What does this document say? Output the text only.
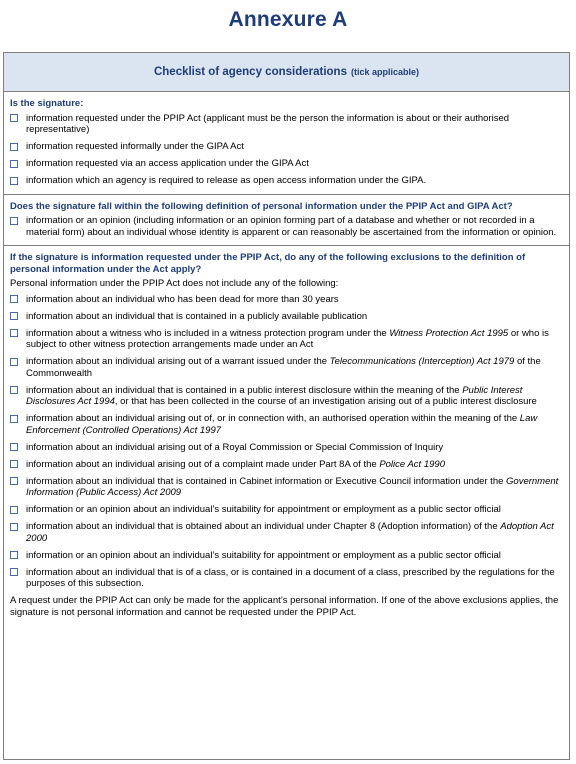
Annexure A
Checklist of agency considerations (tick applicable)
Is the signature:
information requested under the PPIP Act (applicant must be the person the information is about or their authorised representative)
information requested informally under the GIPA Act
information requested via an access application under the GIPA Act
information which an agency is required to release as open access information under the GIPA.
Does the signature fall within the following definition of personal information under the PPIP Act and GIPA Act?
information or an opinion (including information or an opinion forming part of a database and whether or not recorded in a material form) about an individual whose identity is apparent or can reasonably be ascertained from the information or opinion.
If the signature is information requested under the PPIP Act, do any of the following exclusions to the definition of personal information under the Act apply?
Personal information under the PPIP Act does not include any of the following:
information about an individual who has been dead for more than 30 years
information about an individual that is contained in a publicly available publication
information about a witness who is included in a witness protection program under the Witness Protection Act 1995 or who is subject to other witness protection arrangements made under an Act
information about an individual arising out of a warrant issued under the Telecommunications (Interception) Act 1979 of the Commonwealth
information about an individual that is contained in a public interest disclosure within the meaning of the Public Interest Disclosures Act 1994, or that has been collected in the course of an investigation arising out of a public interest disclosure
information about an individual arising out of, or in connection with, an authorised operation within the meaning of the Law Enforcement (Controlled Operations) Act 1997
information about an individual arising out of a Royal Commission or Special Commission of Inquiry
information about an individual arising out of a complaint made under Part 8A of the Police Act 1990
information about an individual that is contained in Cabinet information or Executive Council information under the Government Information (Public Access) Act 2009
information or an opinion about an individual’s suitability for appointment or employment as a public sector official
information about an individual that is obtained about an individual under Chapter 8 (Adoption information) of the Adoption Act 2000
information or an opinion about an individual’s suitability for appointment or employment as a public sector official
information about an individual that is of a class, or is contained in a document of a class, prescribed by the regulations for the purposes of this subsection.
A request under the PPIP Act can only be made for the applicant’s personal information. If one of the above exclusions applies, the signature is not personal information and cannot be requested under the PPIP Act.
